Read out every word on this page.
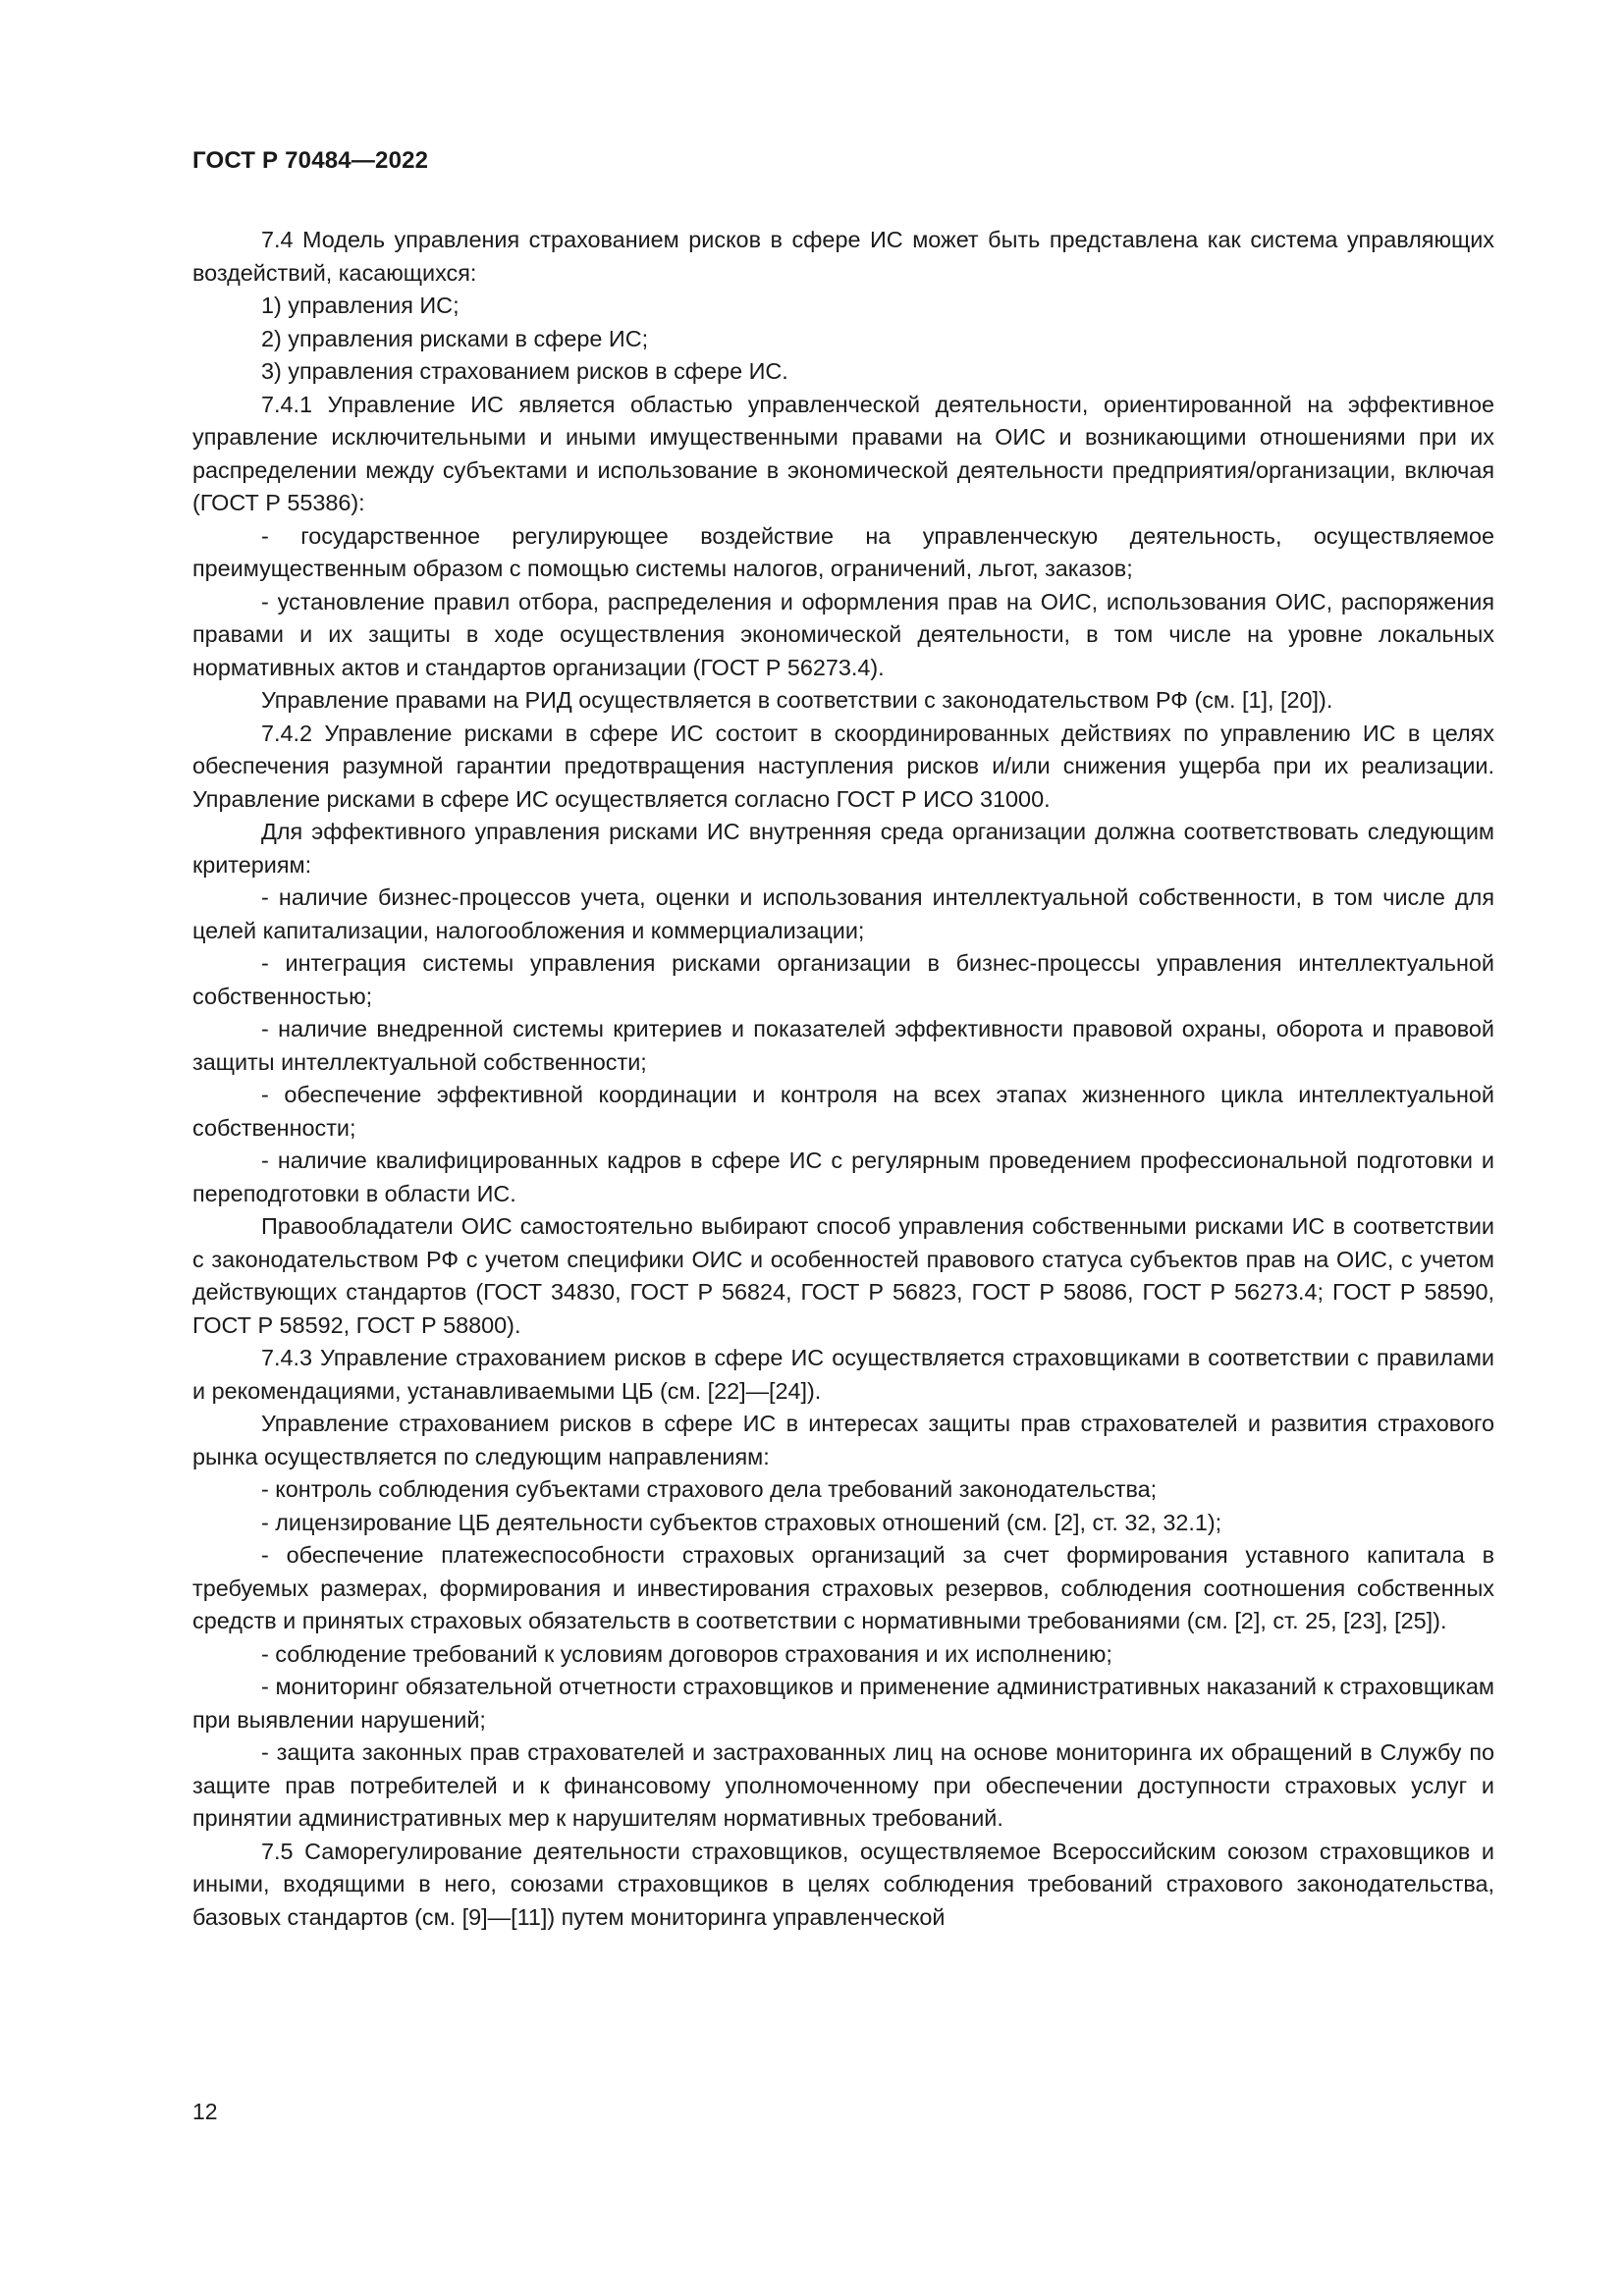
ГОСТ Р 70484—2022

7.4 Модель управления страхованием рисков в сфере ИС может быть представлена как система управляющих воздействий, касающихся:

1) управления ИС;

2) управления рисками в сфере ИС;

3) управления страхованием рисков в сфере ИС.

7.4.1 Управление ИС является областью управленческой деятельности, ориентированной на эффективное управление исключительными и иными имущественными правами на ОИС и возникающими отношениями при их распределении между субъектами и использование в экономической деятельности предприятия/организации, включая (ГОСТ Р 55386):

- государственное регулирующее воздействие на управленческую деятельность, осуществляемое преимущественным образом с помощью системы налогов, ограничений, льгот, заказов;

- установление правил отбора, распределения и оформления прав на ОИС, использования ОИС, распоряжения правами и их защиты в ходе осуществления экономической деятельности, в том числе на уровне локальных нормативных актов и стандартов организации (ГОСТ Р 56273.4).

Управление правами на РИД осуществляется в соответствии с законодательством РФ (см. [1], [20]).

7.4.2 Управление рисками в сфере ИС состоит в скоординированных действиях по управлению ИС в целях обеспечения разумной гарантии предотвращения наступления рисков и/или снижения ущерба при их реализации. Управление рисками в сфере ИС осуществляется согласно ГОСТ Р ИСО 31000.

Для эффективного управления рисками ИС внутренняя среда организации должна соответствовать следующим критериям:

- наличие бизнес-процессов учета, оценки и использования интеллектуальной собственности, в том числе для целей капитализации, налогообложения и коммерциализации;

- интеграция системы управления рисками организации в бизнес-процессы управления интеллектуальной собственностью;

- наличие внедренной системы критериев и показателей эффективности правовой охраны, оборота и правовой защиты интеллектуальной собственности;

- обеспечение эффективной координации и контроля на всех этапах жизненного цикла интеллектуальной собственности;

- наличие квалифицированных кадров в сфере ИС с регулярным проведением профессиональной подготовки и переподготовки в области ИС.

Правообладатели ОИС самостоятельно выбирают способ управления собственными рисками ИС в соответствии с законодательством РФ с учетом специфики ОИС и особенностей правового статуса субъектов прав на ОИС, с учетом действующих стандартов (ГОСТ 34830, ГОСТ Р 56824, ГОСТ Р 56823, ГОСТ Р 58086, ГОСТ Р 56273.4; ГОСТ Р 58590, ГОСТ Р 58592, ГОСТ Р 58800).

7.4.3 Управление страхованием рисков в сфере ИС осуществляется страховщиками в соответствии с правилами и рекомендациями, устанавливаемыми ЦБ (см. [22]—[24]).

Управление страхованием рисков в сфере ИС в интересах защиты прав страхователей и развития страхового рынка осуществляется по следующим направлениям:

- контроль соблюдения субъектами страхового дела требований законодательства;

- лицензирование ЦБ деятельности субъектов страховых отношений (см. [2], ст. 32, 32.1);

- обеспечение платежеспособности страховых организаций за счет формирования уставного капитала в требуемых размерах, формирования и инвестирования страховых резервов, соблюдения соотношения собственных средств и принятых страховых обязательств в соответствии с нормативными требованиями (см. [2], ст. 25, [23], [25]).

- соблюдение требований к условиям договоров страхования и их исполнению;

- мониторинг обязательной отчетности страховщиков и применение административных наказаний к страховщикам при выявлении нарушений;

- защита законных прав страхователей и застрахованных лиц на основе мониторинга их обращений в Службу по защите прав потребителей и к финансовому уполномоченному при обеспечении доступности страховых услуг и принятии административных мер к нарушителям нормативных требований.

7.5 Саморегулирование деятельности страховщиков, осуществляемое Всероссийским союзом страховщиков и иными, входящими в него, союзами страховщиков в целях соблюдения требований страхового законодательства, базовых стандартов (см. [9]—[11]) путем мониторинга управленческой

12
